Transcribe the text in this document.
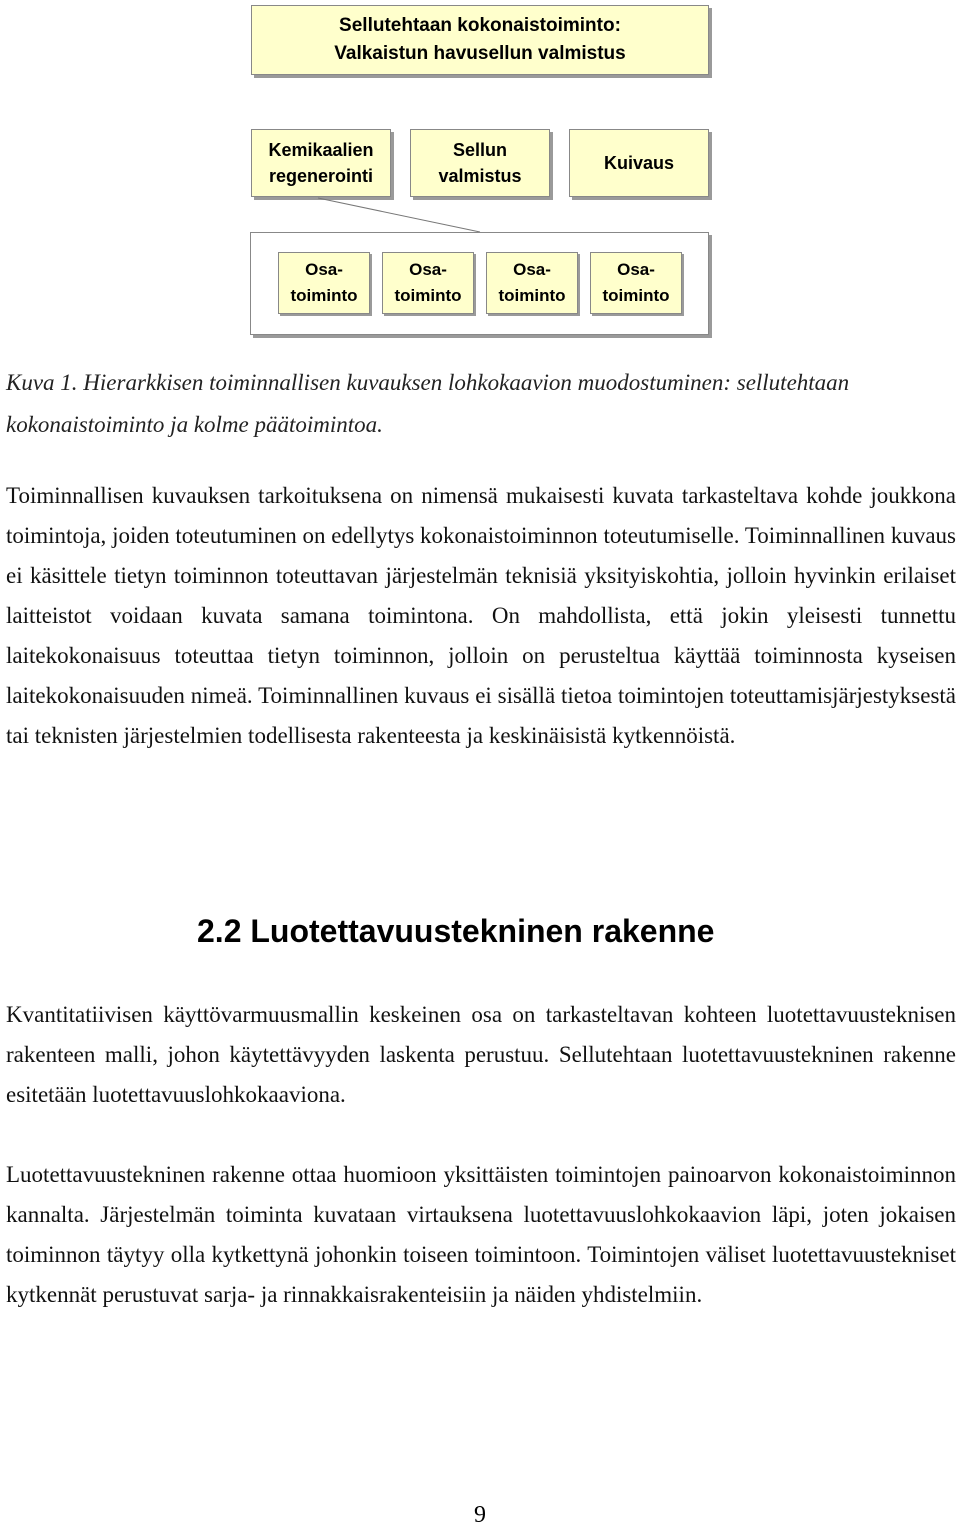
Sellutehtaan kokonaistoiminto:
Valkaistun havusellun valmistus
Kemikaalien
regenerointi
Sellun
valmistus
Kuivaus
Osa-
toiminto
Osa-
toiminto
Osa-
toiminto
Osa-
toiminto
Kuva 1. Hierarkkisen toiminnallisen kuvauksen lohkokaavion muodostuminen: sellutehtaan kokonaistoiminto ja kolme päätoimintoa.

Toiminnallisen kuvauksen tarkoituksena on nimensä mukaisesti kuvata tarkasteltava kohde joukkona toimintoja, joiden toteutuminen on edellytys kokonaistoiminnon toteutumiselle. Toiminnallinen kuvaus ei käsittele tietyn toiminnon toteuttavan järjestelmän teknisiä yksityiskohtia, jolloin hyvinkin erilaiset laitteistot voidaan kuvata samana toimintona. On mahdollista, että jokin yleisesti tunnettu laitekokonaisuus toteuttaa tietyn toiminnon, jolloin on perusteltua käyttää toiminnosta kyseisen laitekokonaisuuden nimeä. Toiminnallinen kuvaus ei sisällä tietoa toimintojen toteuttamisjärjestyksestä tai teknisten järjestelmien todellisesta rakenteesta ja keskinäisistä kytkennöistä.

2.2 Luotettavuustekninen rakenne

Kvantitatiivisen käyttövarmuusmallin keskeinen osa on tarkasteltavan kohteen luotettavuusteknisen rakenteen malli, johon käytettävyyden laskenta perustuu. Sellutehtaan luotettavuustekninen rakenne esitetään luotettavuuslohkokaaviona.

Luotettavuustekninen rakenne ottaa huomioon yksittäisten toimintojen painoarvon kokonaistoiminnon kannalta. Järjestelmän toiminta kuvataan virtauksena luotettavuuslohkokaavion läpi, joten jokaisen toiminnon täytyy olla kytkettynä johonkin toiseen toimintoon. Toimintojen väliset luotettavuustekniset kytkennät perustuvat sarja- ja rinnakkaisrakenteisiin ja näiden yhdistelmiin.

9
